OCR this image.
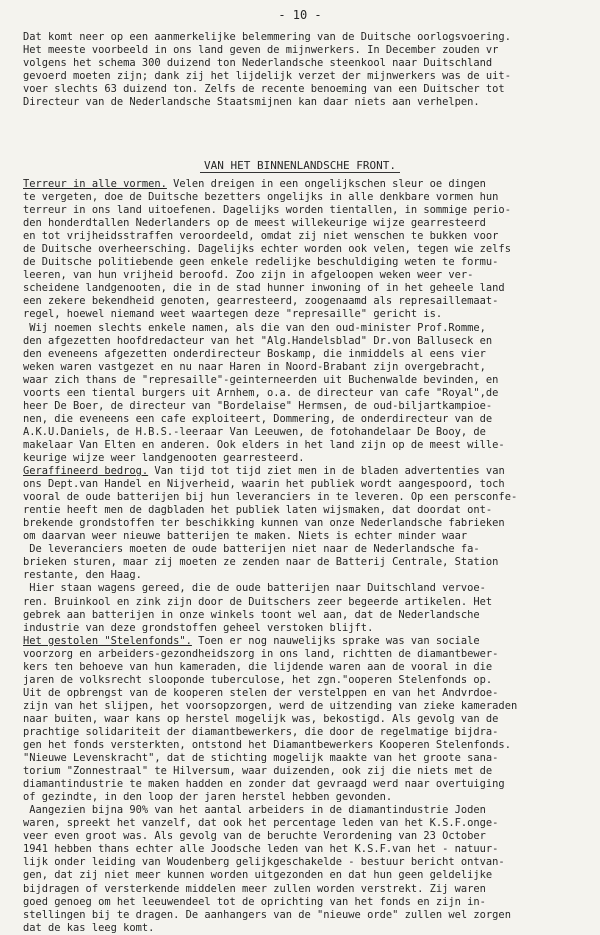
- 10 -
Dat komt neer op een aanmerkelijke belemmering van de Duitsche oorlogsvoering.
Het meeste voorbeeld in ons land geven de mijnwerkers. In December zouden vr
volgens het schema 300 duizend ton Nederlandsche steenkool naar Duitschland
gevoerd moeten zijn; dank zij het lijdelijk verzet der mijnwerkers was de uit-
voer slechts 63 duizend ton. Zelfs de recente benoeming van een Duitscher tot
Directeur van de Nederlandsche Staatsmijnen kan daar niets aan verhelpen.
VAN HET BINNENLANDSCHE FRONT.
Terreur in alle vormen. Velen dreigen in een ongelijkschen sleur oe dingen
te vergeten, doe de Duitsche bezetters ongelijks in alle denkbare vormen hun
terreur in ons land uitoefenen. Dagelijks worden tientallen, in sommige perio-
den honderdtallen Nederlanders op de meest willekeurige wijze gearresteerd
en tot vrijheidsstraffen veroordeeld, omdat zij niet wenschen te bukken voor
de Duitsche overheersching. Dagelijks echter worden ook velen, tegen wie zelfs
de Duitsche politiebende geen enkele redelijke beschuldiging weten te formu-
leeren, van hun vrijheid beroofd. Zoo zijn in afgeloopen weken weer ver-
scheidene landgenooten, die in de stad hunner inwoning of in het geheele land
een zekere bekendheid genoten, gearresteerd, zoogenaamd als represaillemaat-
regel, hoewel niemand weet waartegen deze "represaille" gericht is.
Wij noemen slechts enkele namen, als die van den oud-minister Prof.Romme,
den afgezetten hoofdredacteur van het "Alg.Handelsblad" Dr.von Balluseck en
den eveneens afgezetten onderdirecteur Boskamp, die inmiddels al eens vier
weken waren vastgezet en nu naar Haren in Noord-Brabant zijn overgebracht,
waar zich thans de "represaille"-geinterneerden uit Buchenwalde bevinden, en
voorts een tiental burgers uit Arnhem, o.a. de directeur van cafe "Royal",de
heer De Boer, de directeur van "Bordelaise" Hermsen, de oud-biljartkampioe-
nen, die eveneens een cafe exploiteert, Dommering, de onderdirecteur van de
A.K.U.Daniels, de H.B.S.-leeraar Van Leeuwen, de fotohandelaar De Booy, de
makelaar Van Elten en anderen. Ook elders in het land zijn op de meest wille-
keurige wijze weer landgenooten gearresteerd.
Geraffineerd bedrog. Van tijd tot tijd ziet men in de bladen advertenties van
ons Dept.van Handel en Nijverheid, waarin het publiek wordt aangespoord, toch
vooral de oude batterijen bij hun leveranciers in te leveren. Op een persconfe-
rentie heeft men de dagbladen het publiek laten wijsmaken, dat doordat ont-
brekende grondstoffen ter beschikking kunnen van onze Nederlandsche fabrieken
om daarvan weer nieuwe batterijen te maken. Niets is echter minder waar
De leveranciers moeten de oude batterijen niet naar de Nederlandsche fa-
brieken sturen, maar zij moeten ze zenden naar de Batterij Centrale, Station
restante, den Haag.
Hier staan wagens gereed, die de oude batterijen naar Duitschland vervoe-
ren. Bruinkool en zink zijn door de Duitschers zeer begeerde artikelen. Het
gebrek aan batterijen in onze winkels toont wel aan, dat de Nederlandsche
industrie van deze grondstoffen geheel verstoken blijft.
Het gestolen "Stelenfonds". Toen er nog nauwelijks sprake was van sociale
voorzorg en arbeiders-gezondheidszorg in ons land, richtten de diamantbewer-
kers ten behoeve van hun kameraden, die lijdende waren aan de vooral in die
jaren de volksrecht slooponde tuberculose, het zgn."ooperen Stelenfonds op.
Uit de opbrengst van de kooperen stelen der verstelppen en van het Andvrdoe-
zijn van het slijpen, het voorsopzorgen, werd de uitzending van zieke kameraden
naar buiten, waar kans op herstel mogelijk was, bekostigd. Als gevolg van de
prachtige solidariteit der diamantbewerkers, die door de regelmatige bijdra-
gen het fonds versterkten, ontstond het Diamantbewerkers Kooperen Stelenfonds.
"Nieuwe Levenskracht", dat de stichting mogelijk maakte van het groote sana-
torium "Zonnestraal" te Hilversum, waar duizenden, ook zij die niets met de
diamantindustrie te maken hadden en zonder dat gevraagd werd naar overtuiging
of gezindte, in den loop der jaren herstel hebben gevonden.
Aangezien bijna 90% van het aantal arbeiders in de diamantindustrie Joden
waren, spreekt het vanzelf, dat ook het percentage leden van het K.S.F.onge-
veer even groot was. Als gevolg van de beruchte Verordening van 23 October
1941 hebben thans echter alle Joodsche leden van het K.S.F.van het - natuur-
lijk onder leiding van Woudenberg gelijkgeschakelde - bestuur bericht ontvan-
gen, dat zij niet meer kunnen worden uitgezonden en dat hun geen geldelijke
bijdragen of versterkende middelen meer zullen worden verstrekt. Zij waren
goed genoeg om het leeuwendeel tot de oprichting van het fonds en zijn in-
stellingen bij te dragen. De aanhangers van de "nieuwe orde" zullen wel zorgen
dat de kas leeg komt.
